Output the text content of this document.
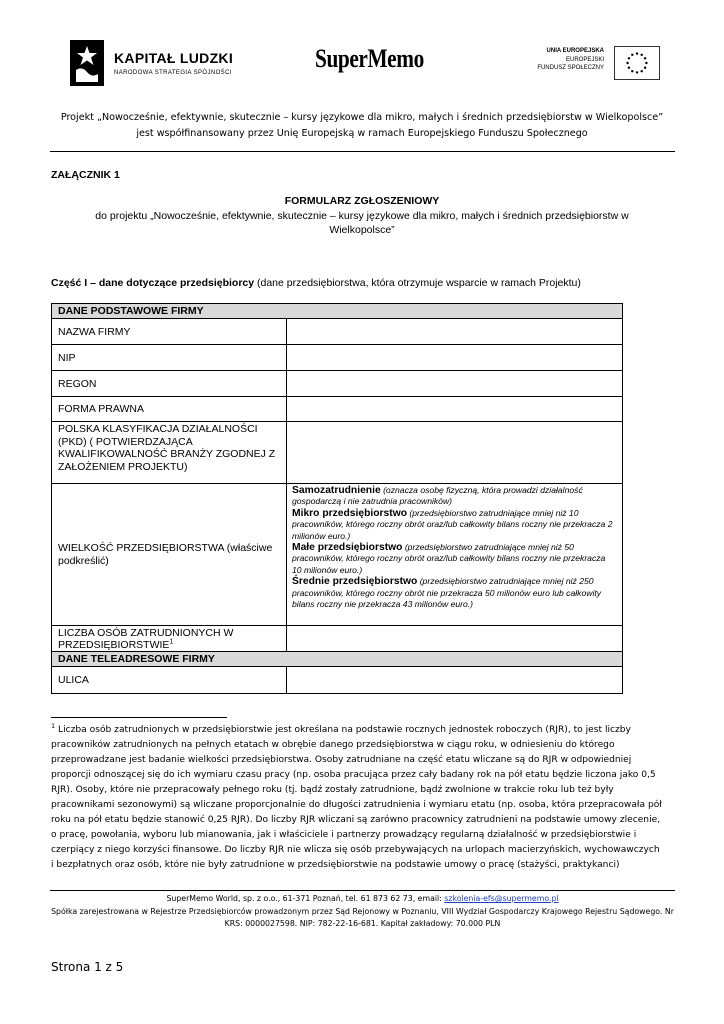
KAPITAŁ LUDZKI
NARODOWA STRATEGIA SPÓJNOŚCI	SuperMemo	UNIA EUROPEJSKA
EUROPEJSKI
FUNDUSZ SPOŁECZNY
Projekt „Nowocześnie, efektywnie, skutecznie – kursy językowe dla mikro, małych i średnich przedsiębiorstw w Wielkopolsce” jest współfinansowany przez Unię Europejską w ramach Europejskiego Funduszu Społecznego
ZAŁĄCZNIK 1
FORMULARZ ZGŁOSZENIOWY
do projektu „Nowocześnie, efektywnie, skutecznie – kursy językowe dla mikro, małych i średnich przedsiębiorstw w Wielkopolsce”
Część I – dane dotyczące przedsiębiorcy (dane przedsiębiorstwa, która otrzymuje wsparcie w ramach Projektu)
DANE PODSTAWOWE FIRMY	
NAZWA FIRMY	
NIP	
REGON	
FORMA PRAWNA	
POLSKA KLASYFIKACJA DZIAŁALNOŚCI (PKD) ( POTWIERDZAJĄCA KWALIFIKOWALNOŚĆ BRANŻY ZGODNEJ Z ZAŁOŻENIEM PROJEKTU)	
WIELKOŚĆ PRZEDSIĘBIORSTWA (właściwe podkreślić)	Samozatrudnienie (oznacza osobę fizyczną, która prowadzi działalność gospodarczą i nie zatrudnia pracowników)
Mikro przedsiębiorstwo (przedsiębiorstwo zatrudniające mniej niż 10 pracowników, którego roczny obrót oraz/lub całkowity bilans roczny nie przekracza 2 milionów euro.)
Małe przedsiębiorstwo (przedsiębiorstwo zatrudniające mniej niż 50 pracowników, którego roczny obrót oraz/lub całkowity bilans roczny nie przekracza 10 milionów euro.)
Średnie przedsiębiorstwo (przedsiębiorstwo zatrudniające mniej niż 250 pracowników, którego roczny obrót nie przekracza 50 milionów euro lub całkowity bilans roczny nie przekracza 43 milionów euro.)

LICZBA OSÓB ZATRUDNIONYCH W PRZEDSIĘBIORSTWIE$^1$	
DANE TELEADRESOWE FIRMY	
ULICA	
$^1$ Liczba osób zatrudnionych w przedsiębiorstwie jest określana na podstawie rocznych jednostek roboczych (RJR), to jest liczby pracowników zatrudnionych na pełnych etatach w obrębie danego przedsiębiorstwa w ciągu roku, w odniesieniu do którego przeprowadzane jest badanie wielkości przedsiębiorstwa. Osoby zatrudniane na część etatu wliczane są do RJR w odpowiedniej proporcji odnoszącej się do ich wymiaru czasu pracy (np. osoba pracująca przez cały badany rok na pół etatu będzie liczona jako 0,5 RJR). Osoby, które nie przepracowały pełnego roku (tj. bądź zostały zatrudnione, bądź zwolnione w trakcie roku lub też były pracownikami sezonowymi) są wliczane proporcjonalnie do długości zatrudnienia i wymiaru etatu (np. osoba, która przepracowała pół roku na pół etatu będzie stanowić 0,25 RJR). Do liczby RJR wliczani są zarówno pracownicy zatrudnieni na podstawie umowy zlecenie, o pracę, powołania, wyboru lub mianowania, jak i właściciele i partnerzy prowadzący regularną działalność w przedsiębiorstwie i czerpiący z niego korzyści finansowe. Do liczby RJR nie wlicza się osób przebywających na urlopach macierzyńskich, wychowawczych i bezpłatnych oraz osób, które nie były zatrudnione w przedsiębiorstwie na podstawie umowy o pracę (stażyści, praktykanci)
SuperMemo World, sp. z o.o., 61-371 Poznań, tel. 61 873 62 73, email: szkolenia-efs@supermemo.pl
Spółka zarejestrowana w Rejestrze Przedsiębiorców prowadzonym przez Sąd Rejonowy w Poznaniu, VIII Wydział Gospodarczy Krajowego Rejestru Sądowego. Nr KRS: 0000027598. NIP: 782-22-16-681. Kapitał zakładowy: 70.000 PLN
Strona 1 z 5
